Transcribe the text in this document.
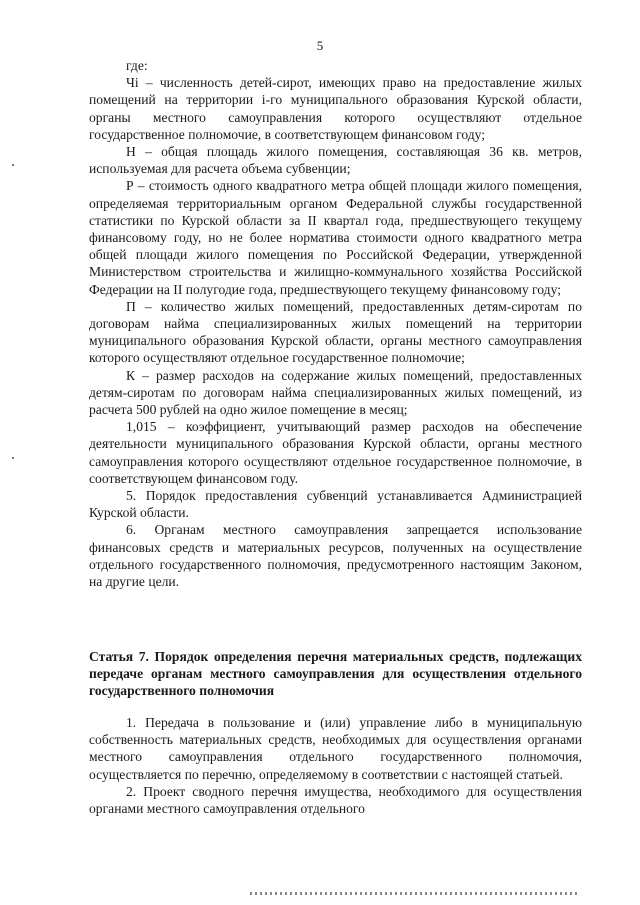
5

где:

Чi – численность детей-сирот, имеющих право на предоставление жилых помещений на территории i-го муниципального образования Курской области, органы местного самоуправления которого осуществляют отдельное государственное полномочие, в соответствующем финансовом году;

Н – общая площадь жилого помещения, составляющая 36 кв. метров, используемая для расчета объема субвенции;

Р – стоимость одного квадратного метра общей площади жилого помещения, определяемая территориальным органом Федеральной службы государственной статистики по Курской области за II квартал года, предшествующего текущему финансовому году, но не более норматива стоимости одного квадратного метра общей площади жилого помещения по Российской Федерации, утвержденной Министерством строительства и жилищно-коммунального хозяйства Российской Федерации на II полугодие года, предшествующего текущему финансовому году;

П – количество жилых помещений, предоставленных детям-сиротам по договорам найма специализированных жилых помещений на территории муниципального образования Курской области, органы местного самоуправления которого осуществляют отдельное государственное полномочие;

К – размер расходов на содержание жилых помещений, предоставленных детям-сиротам по договорам найма специализированных жилых помещений, из расчета 500 рублей на одно жилое помещение в месяц;

1,015 – коэффициент, учитывающий размер расходов на обеспечение деятельности муниципального образования Курской области, органы местного самоуправления которого осуществляют отдельное государственное полномочие, в соответствующем финансовом году.

5. Порядок предоставления субвенций устанавливается Администрацией Курской области.

6. Органам местного самоуправления запрещается использование финансовых средств и материальных ресурсов, полученных на осуществление отдельного государственного полномочия, предусмотренного настоящим Законом, на другие цели.

Статья 7. Порядок определения перечня материальных средств, подлежащих передаче органам местного самоуправления для осуществления отдельного государственного полномочия

1. Передача в пользование и (или) управление либо в муниципальную собственность материальных средств, необходимых для осуществления органами местного самоуправления отдельного государственного полномочия, осуществляется по перечню, определяемому в соответствии с настоящей статьей.

2. Проект сводного перечня имущества, необходимого для осуществления органами местного самоуправления отдельного
